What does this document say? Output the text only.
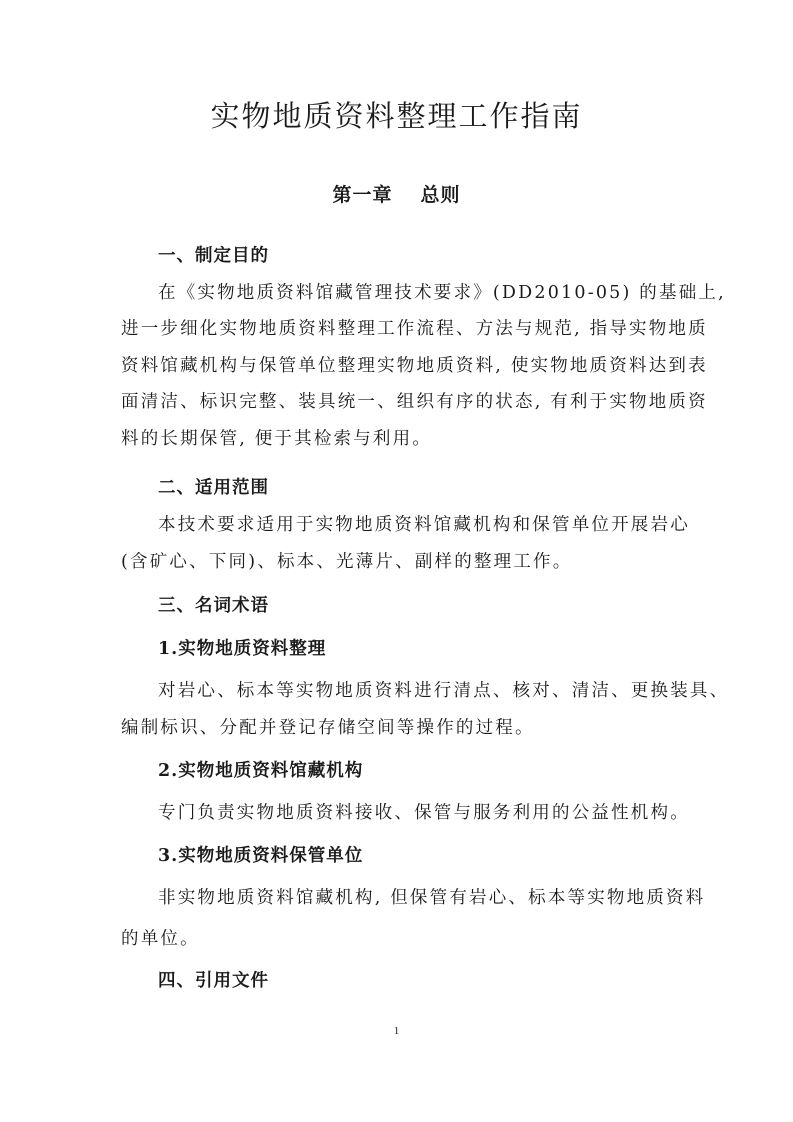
实物地质资料整理工作指南
第一章 总则
一、制定目的
在《实物地质资料馆藏管理技术要求》(DD2010-05) 的基础上,
进一步细化实物地质资料整理工作流程、方法与规范, 指导实物地质
资料馆藏机构与保管单位整理实物地质资料, 使实物地质资料达到表
面清洁、标识完整、装具统一、组织有序的状态, 有利于实物地质资
料的长期保管, 便于其检索与利用。
二、适用范围
本技术要求适用于实物地质资料馆藏机构和保管单位开展岩心
(含矿心、下同)、标本、光薄片、副样的整理工作。
三、名词术语
1.实物地质资料整理
对岩心、标本等实物地质资料进行清点、核对、清洁、更换装具、
编制标识、分配并登记存储空间等操作的过程。
2.实物地质资料馆藏机构
专门负责实物地质资料接收、保管与服务利用的公益性机构。
3.实物地质资料保管单位
非实物地质资料馆藏机构, 但保管有岩心、标本等实物地质资料
的单位。
四、引用文件
1
